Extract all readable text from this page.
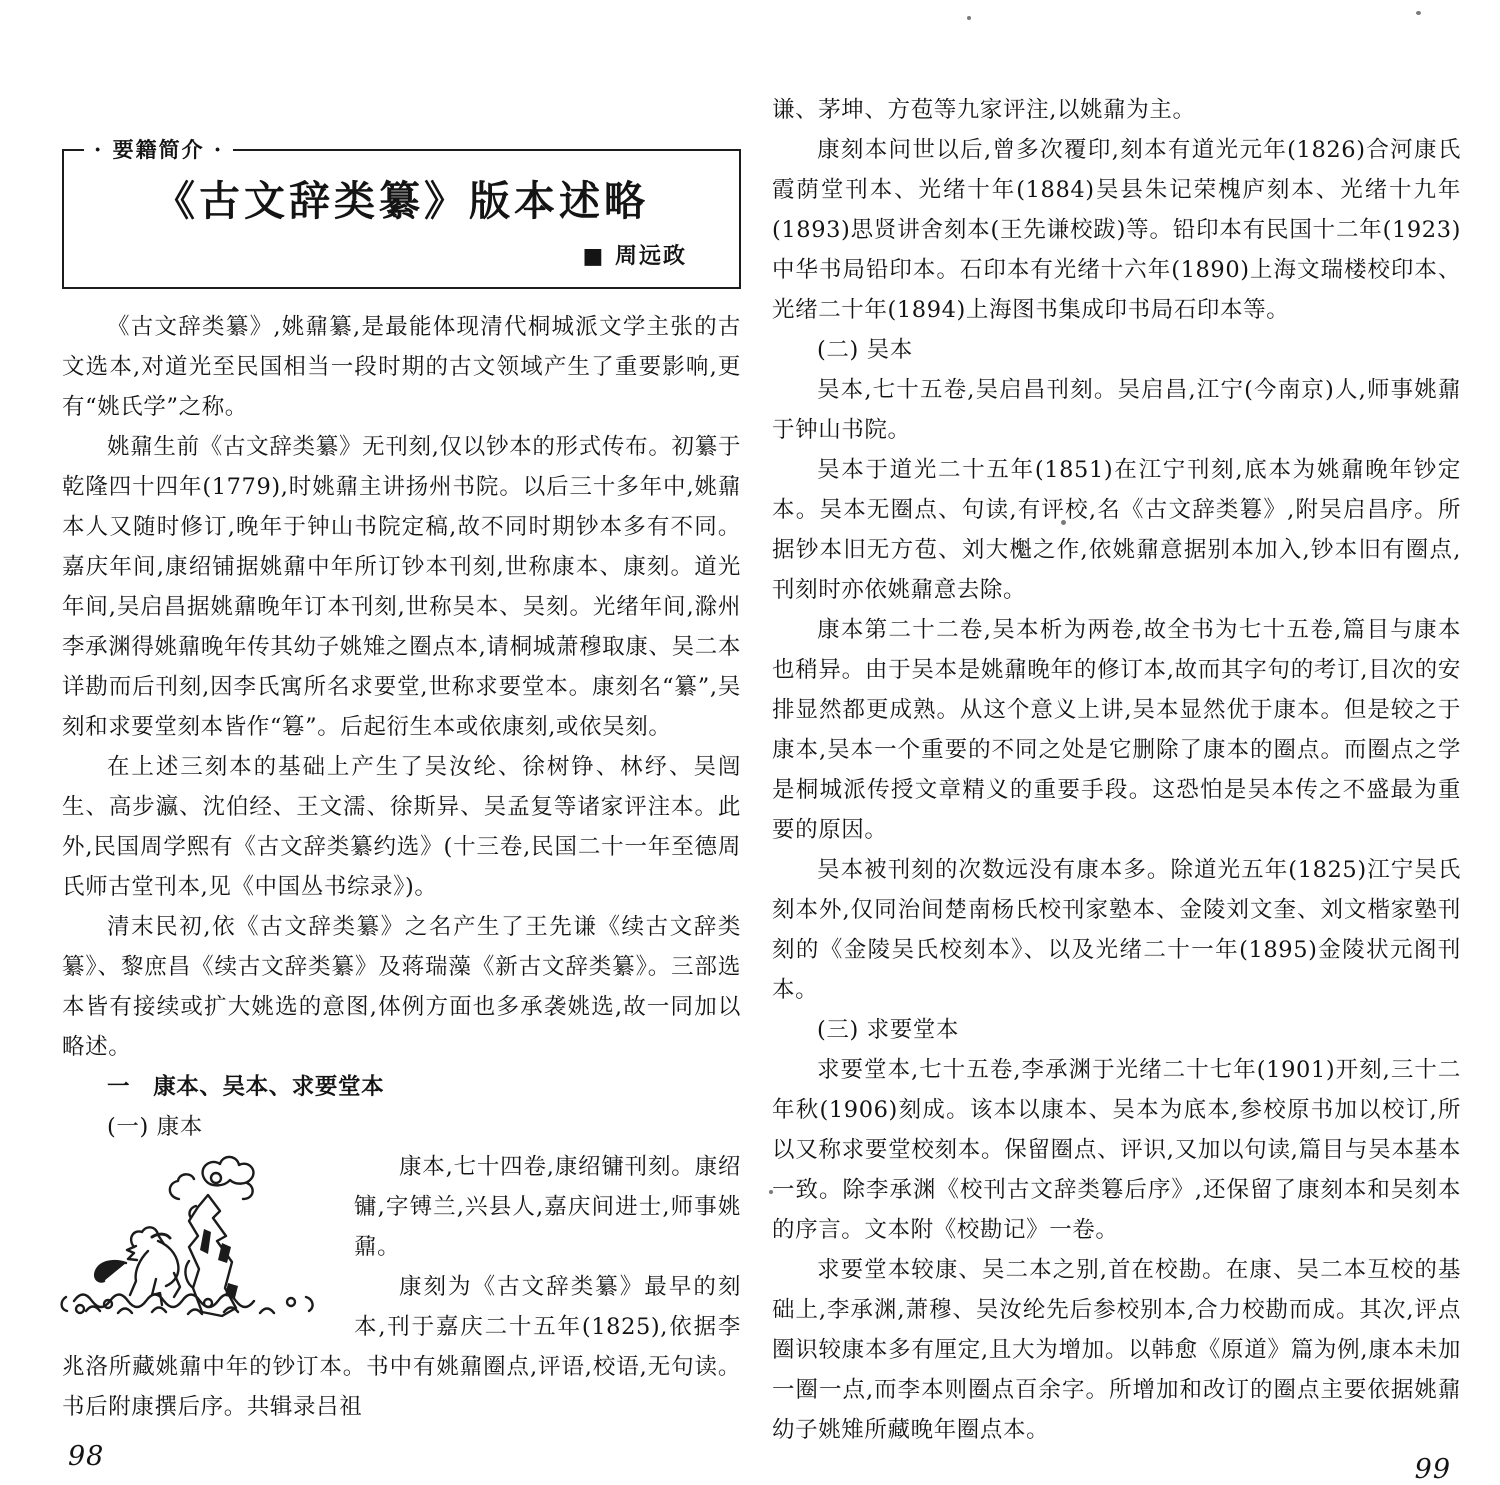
· 要籍简介 ·
《古文辞类纂》版本述略
■ 周远政

《古文辞类纂》,姚鼐纂,是最能体现清代桐城派文学主张的古文选本,对道光至民国相当一段时期的古文领域产生了重要影响,更有“姚氏学”之称。

姚鼐生前《古文辞类纂》无刊刻,仅以钞本的形式传布。初纂于乾隆四十四年(1779),时姚鼐主讲扬州书院。以后三十多年中,姚鼐本人又随时修订,晚年于钟山书院定稿,故不同时期钞本多有不同。嘉庆年间,康绍铺据姚鼐中年所订钞本刊刻,世称康本、康刻。道光年间,吴启昌据姚鼐晚年订本刊刻,世称吴本、吴刻。光绪年间,滁州李承渊得姚鼐晚年传其幼子姚雉之圈点本,请桐城萧穆取康、吴二本详勘而后刊刻,因李氏寓所名求要堂,世称求要堂本。康刻名“纂”,吴刻和求要堂刻本皆作“篹”。后起衍生本或依康刻,或依吴刻。

在上述三刻本的基础上产生了吴汝纶、徐树铮、林纾、吴闿生、高步瀛、沈伯经、王文濡、徐斯异、吴孟复等诸家评注本。此外,民国周学熙有《古文辞类纂约选》(十三卷,民国二十一年至德周氏师古堂刊本,见《中国丛书综录》)。

清末民初,依《古文辞类纂》之名产生了王先谦《续古文辞类纂》、黎庶昌《续古文辞类纂》及蒋瑞藻《新古文辞类纂》。三部选本皆有接续或扩大姚选的意图,体例方面也多承袭姚选,故一同加以略述。

一　康本、吴本、求要堂本

(一) 康本

康本,七十四卷,康绍镛刊刻。康绍镛,字镈兰,兴县人,嘉庆间进士,师事姚鼐。

康刻为《古文辞类纂》最早的刻本,刊于嘉庆二十五年(1825),依据李兆洛所藏姚鼐中年的钞订本。书中有姚鼐圈点,评语,校语,无句读。书后附康撰后序。共辑录吕祖

98

谦、茅坤、方苞等九家评注,以姚鼐为主。

康刻本问世以后,曾多次覆印,刻本有道光元年(1826)合河康氏霞荫堂刊本、光绪十年(1884)吴县朱记荣槐庐刻本、光绪十九年(1893)思贤讲舍刻本(王先谦校跋)等。铅印本有民国十二年(1923)中华书局铅印本。石印本有光绪十六年(1890)上海文瑞楼校印本、光绪二十年(1894)上海图书集成印书局石印本等。

(二) 吴本

吴本,七十五卷,吴启昌刊刻。吴启昌,江宁(今南京)人,师事姚鼐于钟山书院。

吴本于道光二十五年(1851)在江宁刊刻,底本为姚鼐晚年钞定本。吴本无圈点、句读,有评校,名《古文辞类篹》,附吴启昌序。所据钞本旧无方苞、刘大櫆之作,依姚鼐意据别本加入,钞本旧有圈点,刊刻时亦依姚鼐意去除。

康本第二十二卷,吴本析为两卷,故全书为七十五卷,篇目与康本也稍异。由于吴本是姚鼐晚年的修订本,故而其字句的考订,目次的安排显然都更成熟。从这个意义上讲,吴本显然优于康本。但是较之于康本,吴本一个重要的不同之处是它删除了康本的圈点。而圈点之学是桐城派传授文章精义的重要手段。这恐怕是吴本传之不盛最为重要的原因。

吴本被刊刻的次数远没有康本多。除道光五年(1825)江宁吴氏刻本外,仅同治间楚南杨氏校刊家塾本、金陵刘文奎、刘文楷家塾刊刻的《金陵吴氏校刻本》、以及光绪二十一年(1895)金陵状元阁刊本。

(三) 求要堂本

求要堂本,七十五卷,李承渊于光绪二十七年(1901)开刻,三十二年秋(1906)刻成。该本以康本、吴本为底本,参校原书加以校订,所以又称求要堂校刻本。保留圈点、评识,又加以句读,篇目与吴本基本一致。除李承渊《校刊古文辞类篹后序》,还保留了康刻本和吴刻本的序言。文本附《校勘记》一卷。

求要堂本较康、吴二本之别,首在校勘。在康、吴二本互校的基础上,李承渊,萧穆、吴汝纶先后参校别本,合力校勘而成。其次,评点圈识较康本多有厘定,且大为增加。以韩愈《原道》篇为例,康本未加一圈一点,而李本则圈点百余字。所增加和改订的圈点主要依据姚鼐幼子姚雉所藏晚年圈点本。

99
